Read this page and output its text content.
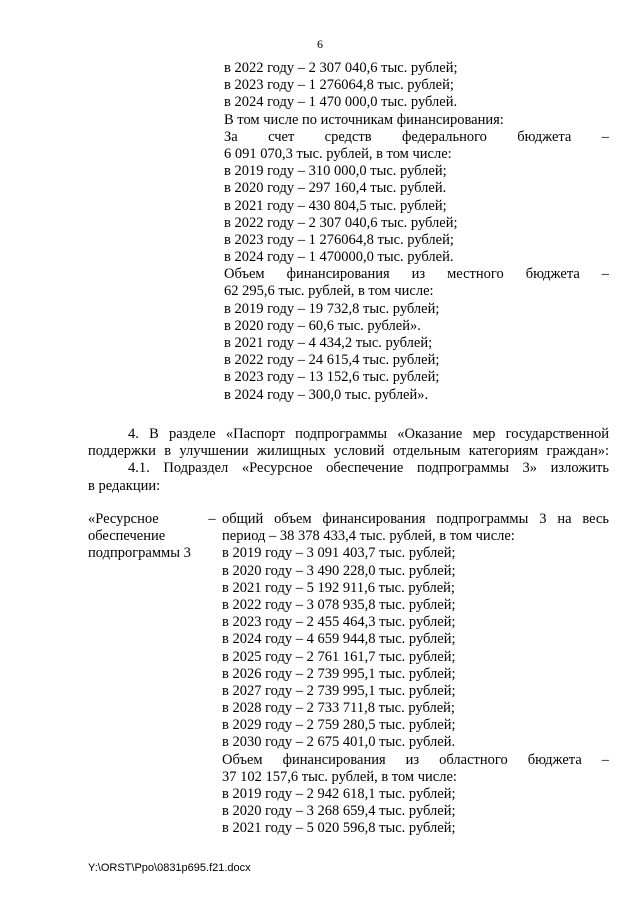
6
в 2022 году – 2 307 040,6 тыс. рублей;
в 2023 году – 1 276064,8 тыс. рублей;
в 2024 году – 1 470 000,0 тыс. рублей.
В том числе по источникам финансирования:
За счет средств федерального бюджета –
6 091 070,3 тыс. рублей, в том числе:
в 2019 году – 310 000,0 тыс. рублей;
в 2020 году – 297 160,4 тыс. рублей.
в 2021 году – 430 804,5 тыс. рублей;
в 2022 году – 2 307 040,6 тыс. рублей;
в 2023 году – 1 276064,8 тыс. рублей;
в 2024 году – 1 470000,0 тыс. рублей.
Объем финансирования из местного бюджета –
62 295,6 тыс. рублей, в том числе:
в 2019 году – 19 732,8 тыс. рублей;
в 2020 году – 60,6 тыс. рублей».
в 2021 году – 4 434,2 тыс. рублей;
в 2022 году – 24 615,4 тыс. рублей;
в 2023 году – 13 152,6 тыс. рублей;
в 2024 году – 300,0 тыс. рублей».
4. В разделе «Паспорт подпрограммы «Оказание мер государственной
поддержки в улучшении жилищных условий отдельным категориям граждан»:
4.1. Подраздел «Ресурсное обеспечение подпрограммы 3» изложить
в редакции:
«Ресурсное
обеспечение
подпрограммы 3
– общий объем финансирования подпрограммы 3 на весь
период – 38 378 433,4 тыс. рублей, в том числе:
в 2019 году – 3 091 403,7 тыс. рублей;
в 2020 году – 3 490 228,0 тыс. рублей;
в 2021 году – 5 192 911,6 тыс. рублей;
в 2022 году – 3 078 935,8 тыс. рублей;
в 2023 году – 2 455 464,3 тыс. рублей;
в 2024 году – 4 659 944,8 тыс. рублей;
в 2025 году – 2 761 161,7 тыс. рублей;
в 2026 году – 2 739 995,1 тыс. рублей;
в 2027 году – 2 739 995,1 тыс. рублей;
в 2028 году – 2 733 711,8 тыс. рублей;
в 2029 году – 2 759 280,5 тыс. рублей;
в 2030 году – 2 675 401,0 тыс. рублей.
Объем финансирования из областного бюджета –
37 102 157,6 тыс. рублей, в том числе:
в 2019 году – 2 942 618,1 тыс. рублей;
в 2020 году – 3 268 659,4 тыс. рублей;
в 2021 году – 5 020 596,8 тыс. рублей;
Y:\ORST\Ppo\0831p695.f21.docx
